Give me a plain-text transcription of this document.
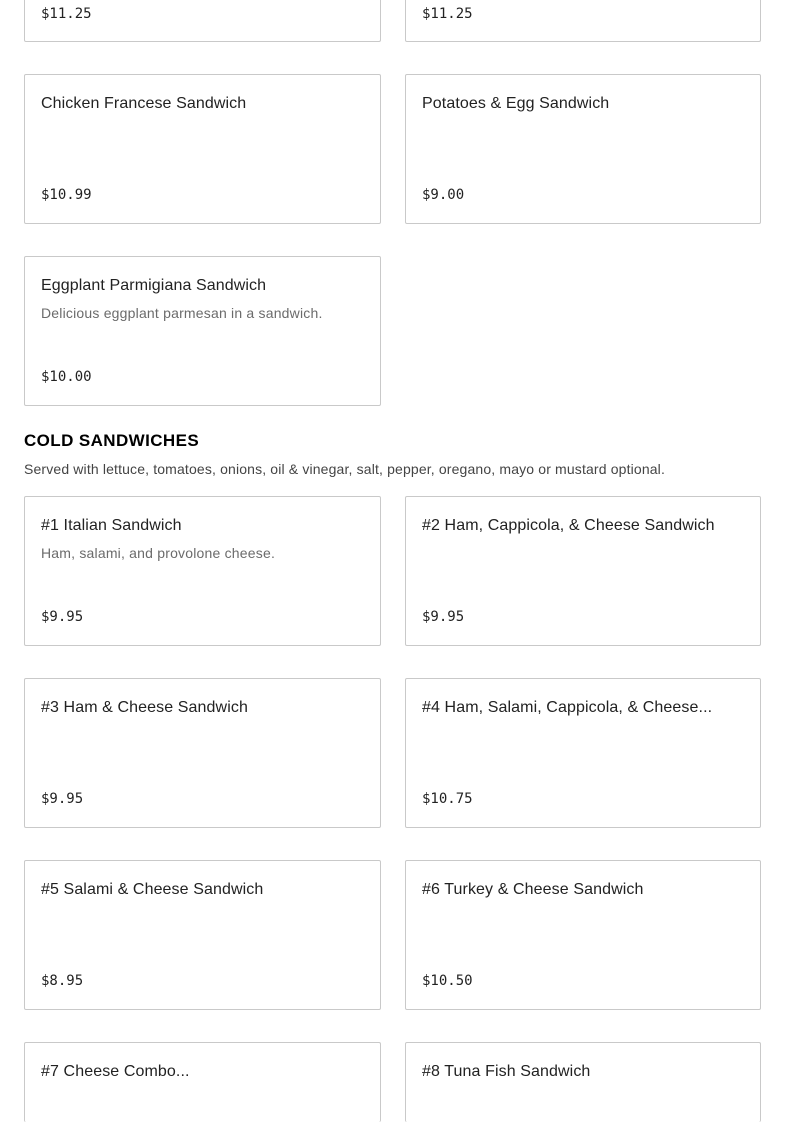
$11.25	$11.25
Chicken Francese Sandwich
$10.99
Potatoes & Egg Sandwich
$9.00
Eggplant Parmigiana Sandwich
Delicious eggplant parmesan in a sandwich.
$10.00
COLD SANDWICHES

Served with lettuce, tomatoes, onions, oil & vinegar, salt, pepper, oregano, mayo or mustard optional.

#1 Italian Sandwich
Ham, salami, and provolone cheese.
$9.95
#2 Ham, Cappicola, & Cheese Sandwich
$9.95
#3 Ham & Cheese Sandwich
$9.95
#4 Ham, Salami, Cappicola, & Cheese...
$10.75
#5 Salami & Cheese Sandwich
$8.95
#6 Turkey & Cheese Sandwich
$10.50
#7 Cheese Combo...	#8 Tuna Fish Sandwich
